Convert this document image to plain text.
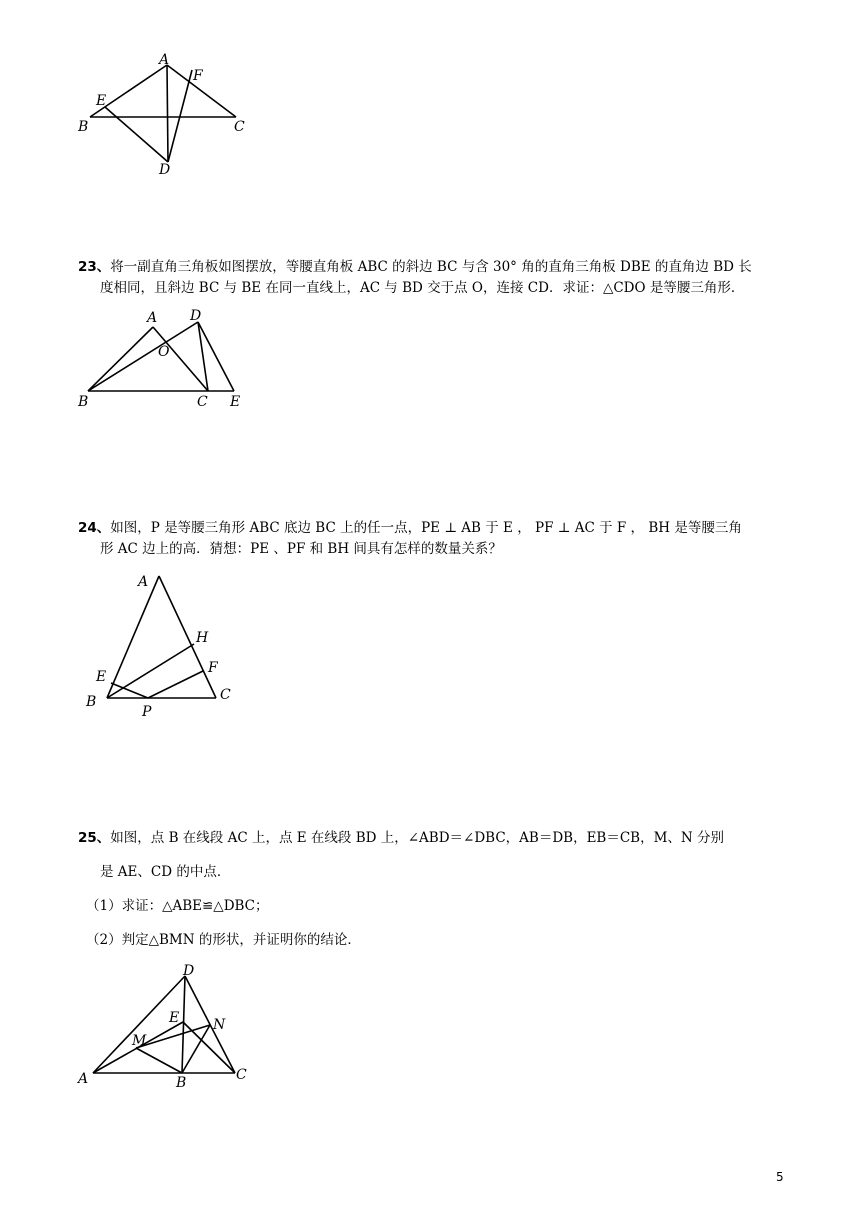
A
F
E
B	C
D
23、将一副直角三角板如图摆放，等腰直角板 ABC 的斜边 BC 与含 30° 角的直角三角板 DBE 的直角边 BD 长
度相同，且斜边 BC 与 BE 在同一直线上，AC 与 BD 交于点 O，连接 CD．求证：△CDO 是等腰三角形．
A D
O
B	C E
24、如图，P 是等腰三角形 ABC 底边 BC 上的任一点，PE ⊥ AB 于 E ， PF ⊥ AC 于 F ， BH 是等腰三角
形 AC 边上的高．猜想：PE 、PF 和 BH 间具有怎样的数量关系？
A
H
F
E
B
P
C
25、如图，点 B 在线段 AC 上，点 E 在线段 BD 上，∠ABD＝∠DBC，AB＝DB，EB＝CB，M、N 分别
是 AE、CD 的中点．
（1）求证：△ABE≌△DBC；
（2）判定△BMN 的形状，并证明你的结论．
D
E N
M
A	B	C
5
